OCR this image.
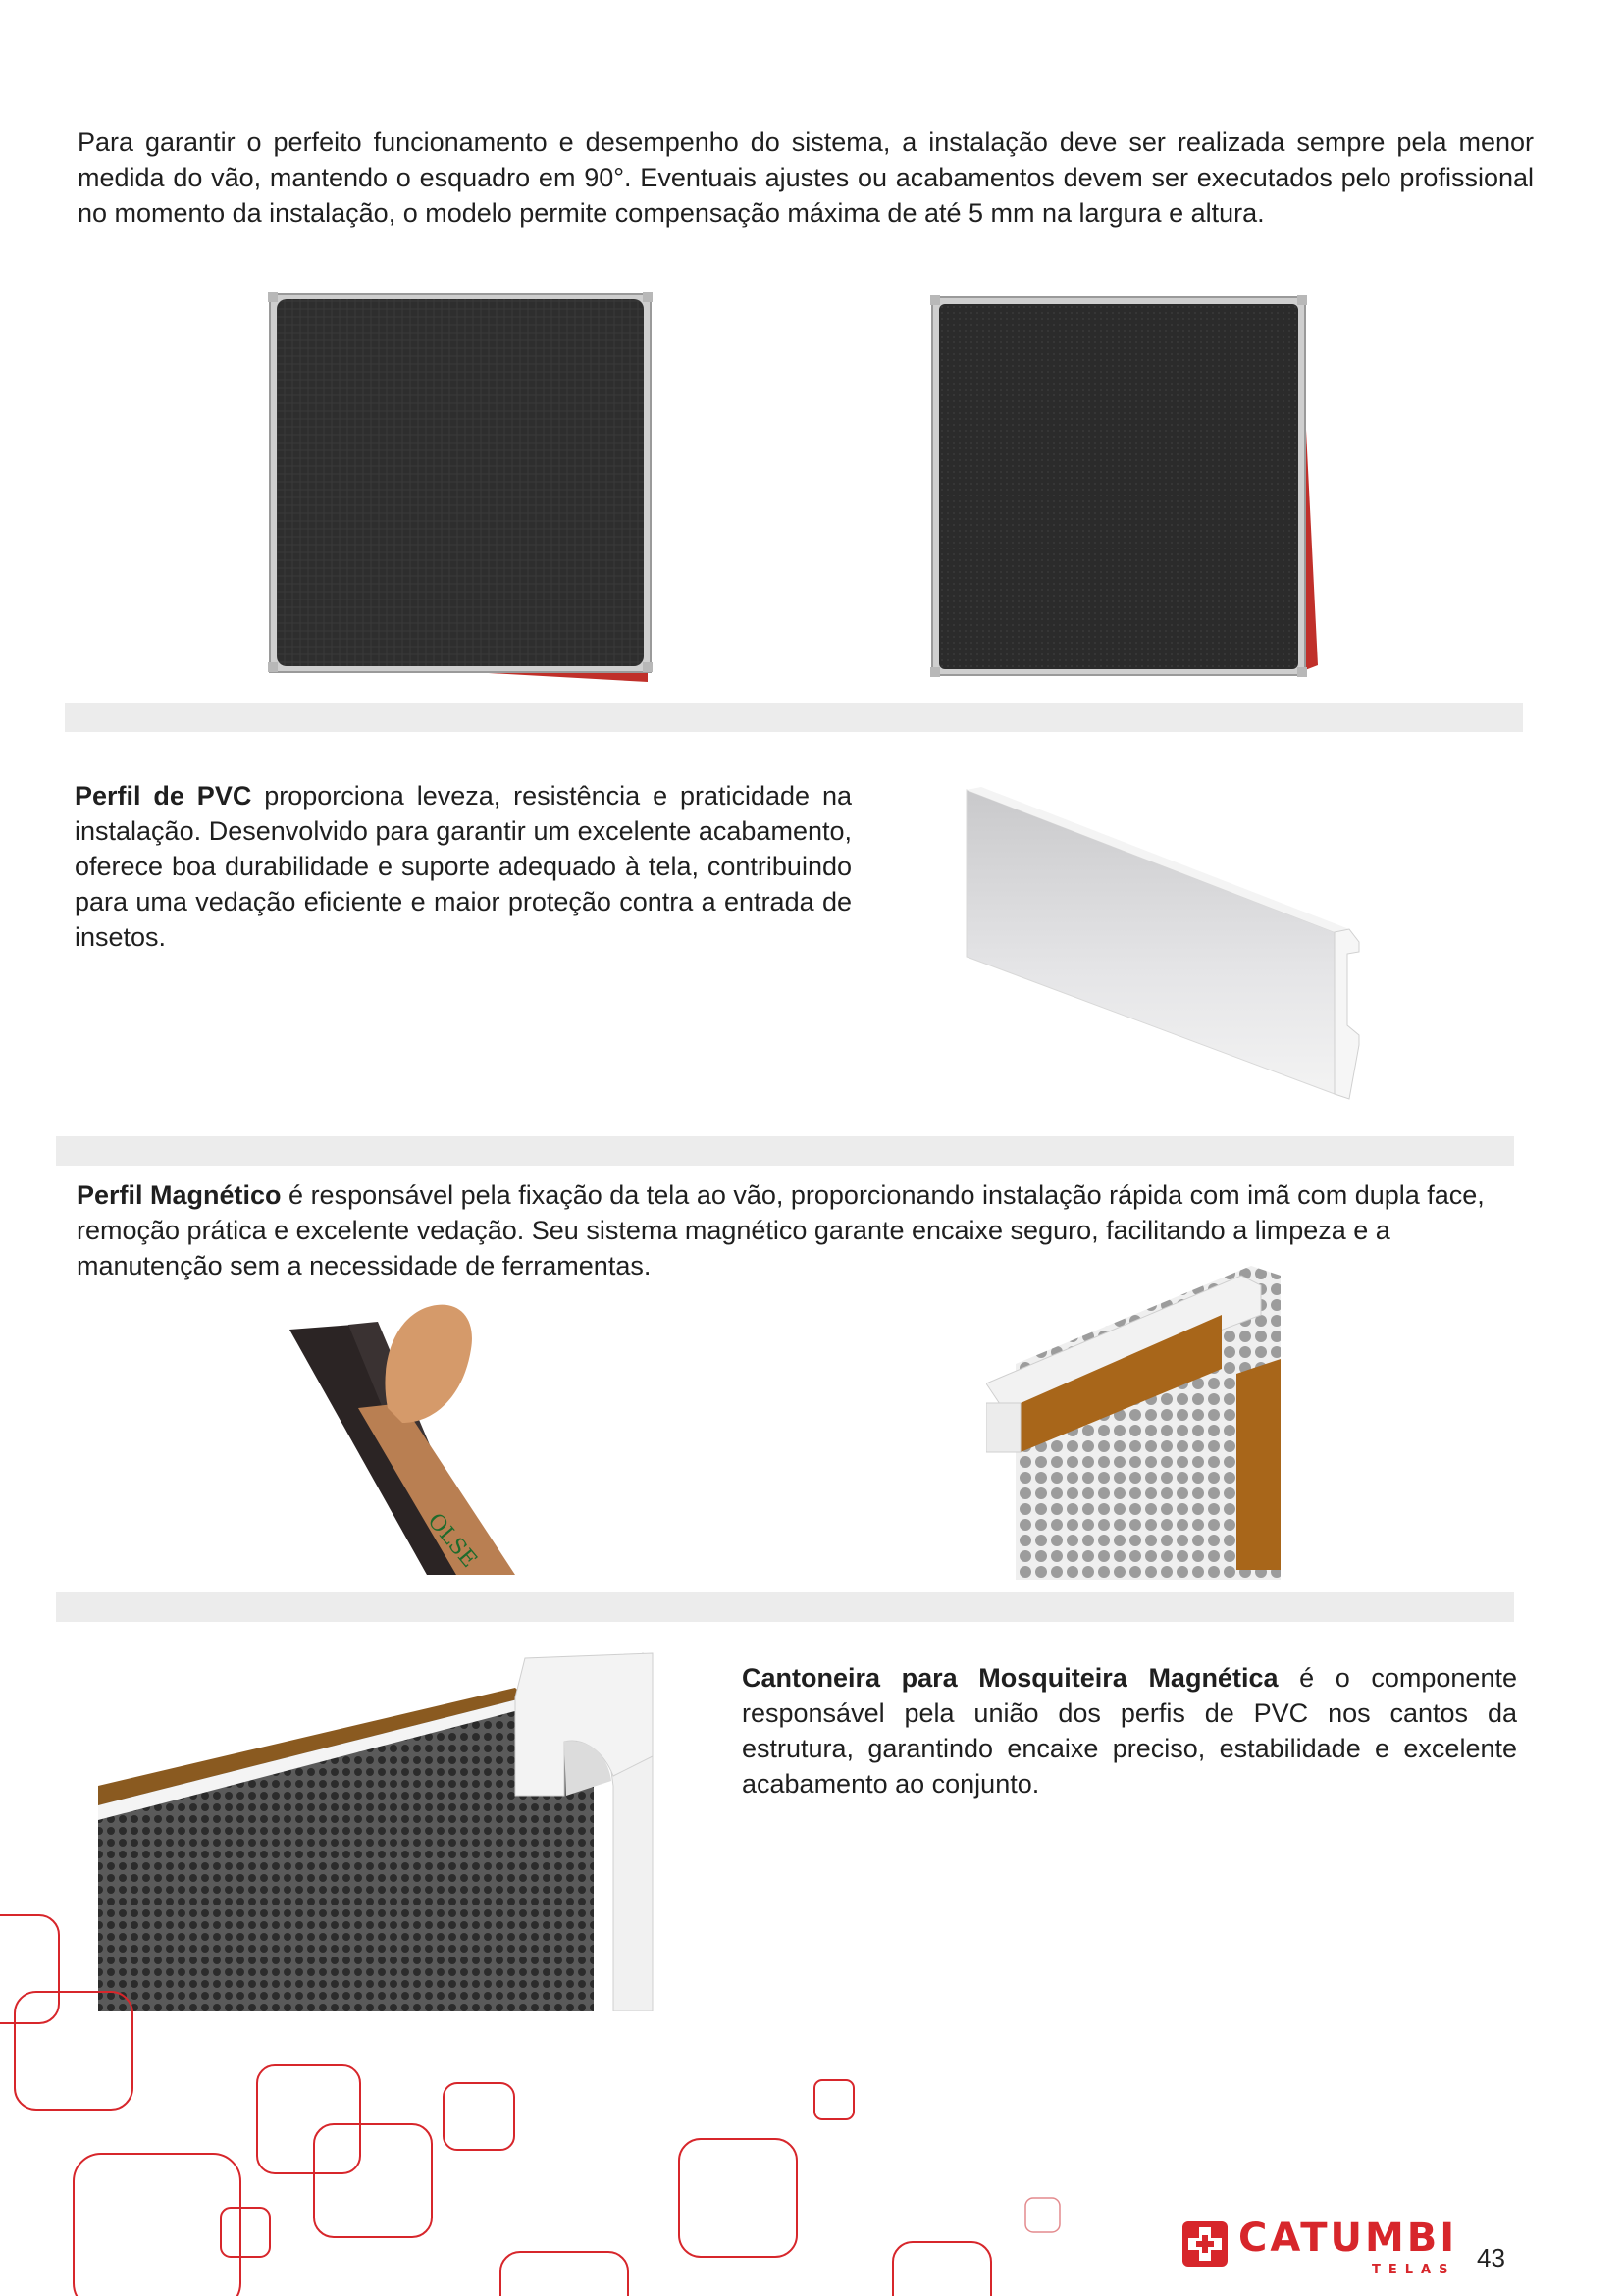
Para garantir o perfeito funcionamento e desempenho do sistema, a instalação deve ser realizada sempre pela menor medida do vão, mantendo o esquadro em 90°. Eventuais ajustes ou acabamentos devem ser executados pelo profissional no momento da instalação, o modelo permite compensação máxima de até 5 mm na largura e altura.

Perfil de PVC proporciona leveza, resistência e praticidade na instalação. Desenvolvido para garantir um excelente acabamento, oferece boa durabilidade e suporte adequado à tela, contribuindo para uma vedação eficiente e maior proteção contra a entrada de insetos.

Perfil Magnético é responsável pela fixação da tela ao vão, proporcionando instalação rápida com imã com dupla face, remoção prática e excelente vedação. Seu sistema magnético garante encaixe seguro, facilitando a limpeza e a manutenção sem a necessidade de ferramentas.

OLSE

Cantoneira para Mosquiteira Magnética é o componente responsável pela união dos perfis de PVC nos cantos da estrutura, garantindo encaixe preciso, estabilidade e excelente acabamento ao conjunto.

CATUMBI
TELAS 43
